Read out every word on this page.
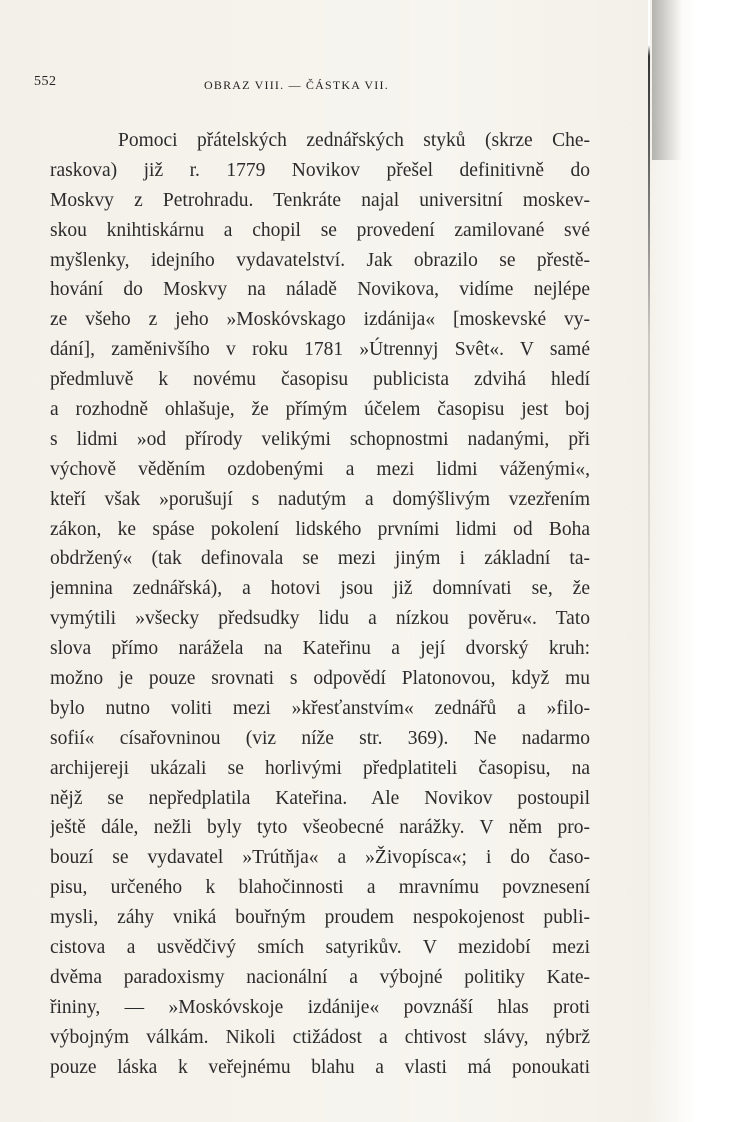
552	OBRAZ VIII. — ČÁSTKA VII.
Pomoci přátelských zednářských styků (skrze Che-
raskova) již r. 1779 Novikov přešel definitivně do
Moskvy z Petrohradu. Tenkráte najal universitní moskev-
skou knihtiskárnu a chopil se provedení zamilované své
myšlenky, idejního vydavatelství. Jak obrazilo se přestě-
hování do Moskvy na náladě Novikova, vidíme nejlépe
ze všeho z jeho »Moskóvskago izdánija« [moskevské vy-
dání], zaměnivšího v roku 1781 »Útrennyj Svêt«. V samé
předmluvě k novému časopisu publicista zdvihá hledí
a rozhodně ohlašuje, že přímým účelem časopisu jest boj
s lidmi »od přírody velikými schopnostmi nadanými, při
výchově věděním ozdobenými a mezi lidmi váženými«,
kteří však »porušují s nadutým a domýšlivým vzezřením
zákon, ke spáse pokolení lidského prvními lidmi od Boha
obdržený« (tak definovala se mezi jiným i základní ta-
jemnina zednářská), a hotovi jsou již domnívati se, že
vymýtili »všecky předsudky lidu a nízkou pověru«. Tato
slova přímo narážela na Kateřinu a její dvorský kruh:
možno je pouze srovnati s odpovědí Platonovou, když mu
bylo nutno voliti mezi »křesťanstvím« zednářů a »filo-
sofií« císařovninou (viz níže str. 369). Ne nadarmo
archijereji ukázali se horlivými předplatiteli časopisu, na
nějž se nepředplatila Kateřina. Ale Novikov postoupil
ještě dále, nežli byly tyto všeobecné narážky. V něm pro-
bouzí se vydavatel »Trútňja« a »Živopísca«; i do časo-
pisu, určeného k blahočinnosti a mravnímu povznesení
mysli, záhy vniká bouřným proudem nespokojenost publi-
cistova a usvědčivý smích satyrikův. V mezidobí mezi
dvěma paradoxismy nacionální a výbojné politiky Kate-
řininy, — »Moskóvskoje izdánije« povznáší hlas proti
výbojným válkám. Nikoli ctižádost a chtivost slávy, nýbrž
pouze láska k veřejnému blahu a vlasti má ponoukati
